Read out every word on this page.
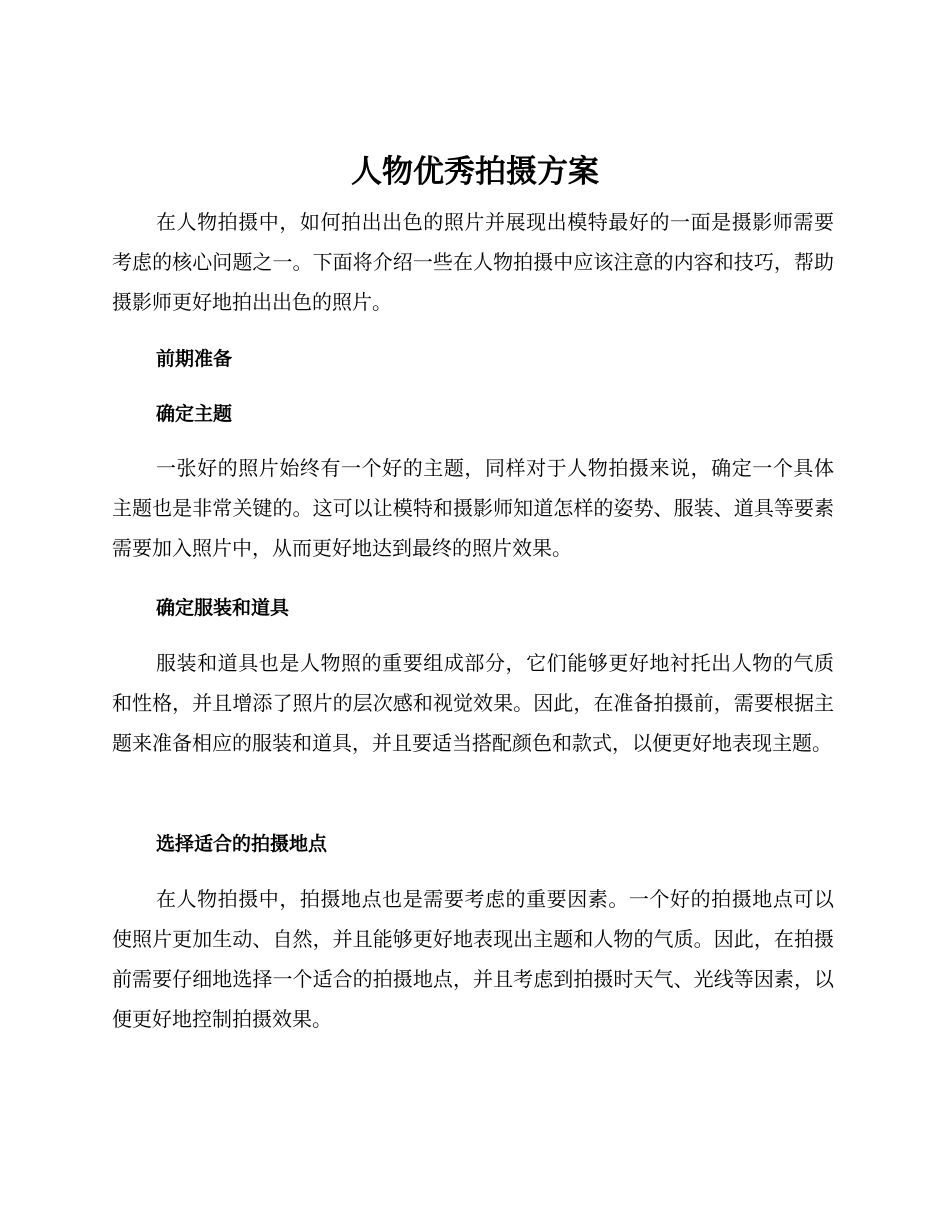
人物优秀拍摄方案

在人物拍摄中，如何拍出出色的照片并展现出模特最好的一面是摄影师需要考虑的核心问题之一。下面将介绍一些在人物拍摄中应该注意的内容和技巧，帮助摄影师更好地拍出出色的照片。

前期准备
确定主题

一张好的照片始终有一个好的主题，同样对于人物拍摄来说，确定一个具体主题也是非常关键的。这可以让模特和摄影师知道怎样的姿势、服装、道具等要素需要加入照片中，从而更好地达到最终的照片效果。

确定服装和道具

服装和道具也是人物照的重要组成部分，它们能够更好地衬托出人物的气质和性格，并且增添了照片的层次感和视觉效果。因此，在准备拍摄前，需要根据主题来准备相应的服装和道具，并且要适当搭配颜色和款式，以便更好地表现主题。

选择适合的拍摄地点

在人物拍摄中，拍摄地点也是需要考虑的重要因素。一个好的拍摄地点可以使照片更加生动、自然，并且能够更好地表现出主题和人物的气质。因此，在拍摄前需要仔细地选择一个适合的拍摄地点，并且考虑到拍摄时天气、光线等因素，以便更好地控制拍摄效果。
